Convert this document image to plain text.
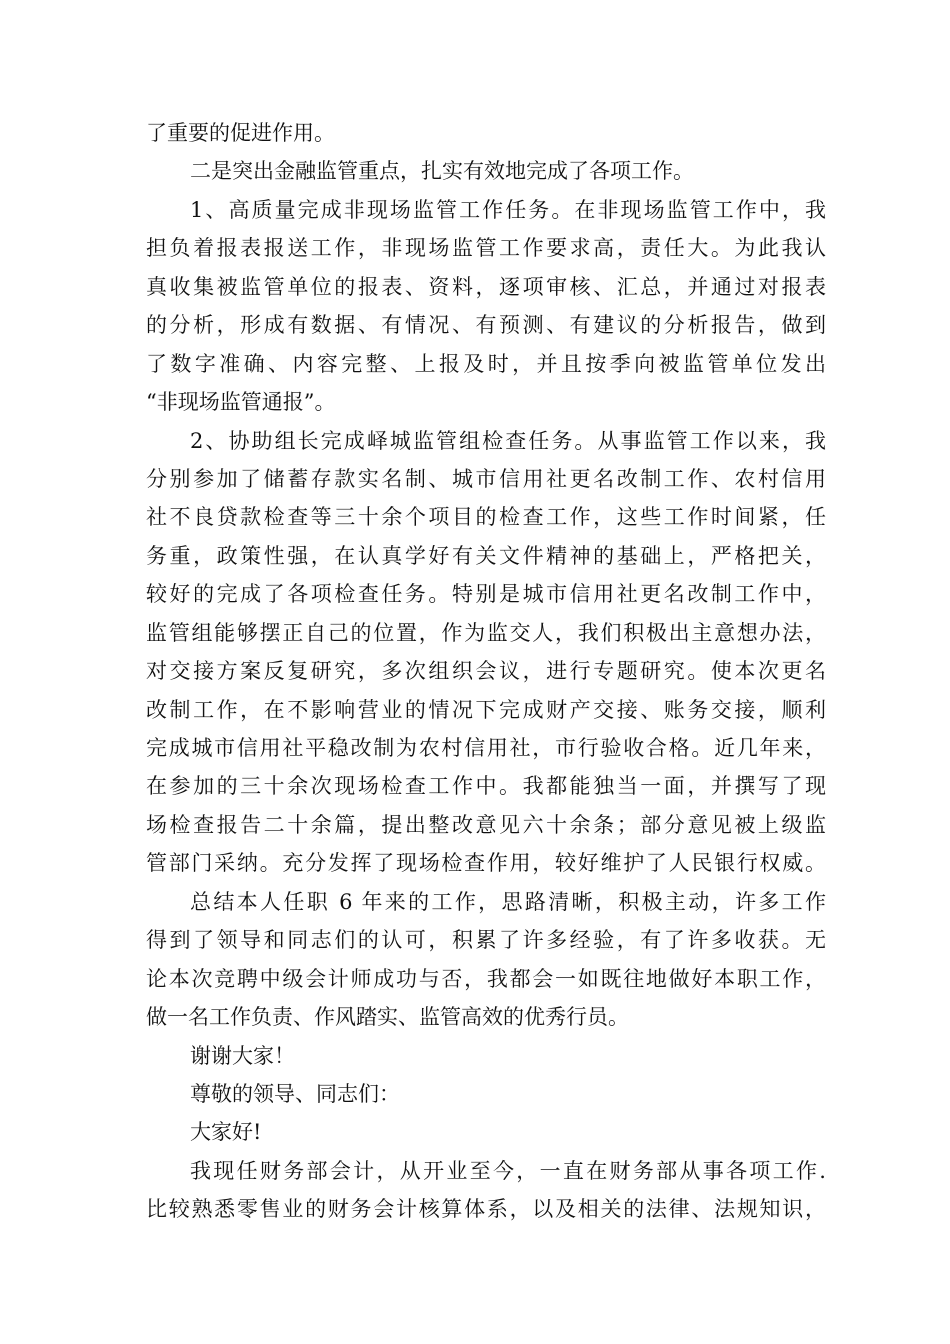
了重要的促进作用。
二是突出金融监管重点，扎实有效地完成了各项工作。
1、高质量完成非现场监管工作任务。在非现场监管工作中，我
担负着报表报送工作，非现场监管工作要求高，责任大。为此我认
真收集被监管单位的报表、资料，逐项审核、汇总，并通过对报表
的分析，形成有数据、有情况、有预测、有建议的分析报告，做到
了数字准确、内容完整、上报及时，并且按季向被监管单位发出
“非现场监管通报”。
2、协助组长完成峄城监管组检查任务。从事监管工作以来，我
分别参加了储蓄存款实名制、城市信用社更名改制工作、农村信用
社不良贷款检查等三十余个项目的检查工作，这些工作时间紧，任
务重，政策性强，在认真学好有关文件精神的基础上，严格把关，
较好的完成了各项检查任务。特别是城市信用社更名改制工作中，
监管组能够摆正自己的位置，作为监交人，我们积极出主意想办法，
对交接方案反复研究，多次组织会议，进行专题研究。使本次更名
改制工作，在不影响营业的情况下完成财产交接、账务交接，顺利
完成城市信用社平稳改制为农村信用社，市行验收合格。近几年来，
在参加的三十余次现场检查工作中。我都能独当一面，并撰写了现
场检查报告二十余篇，提出整改意见六十余条；部分意见被上级监
管部门采纳。充分发挥了现场检查作用，较好维护了人民银行权威。
总结本人任职 6 年来的工作，思路清晰，积极主动，许多工作
得到了领导和同志们的认可，积累了许多经验，有了许多收获。无
论本次竞聘中级会计师成功与否，我都会一如既往地做好本职工作，
做一名工作负责、作风踏实、监管高效的优秀行员。
谢谢大家！
尊敬的领导、同志们：
大家好!
我现任财务部会计，从开业至今，一直在财务部从事各项工作.
比较熟悉零售业的财务会计核算体系，以及相关的法律、法规知识，
